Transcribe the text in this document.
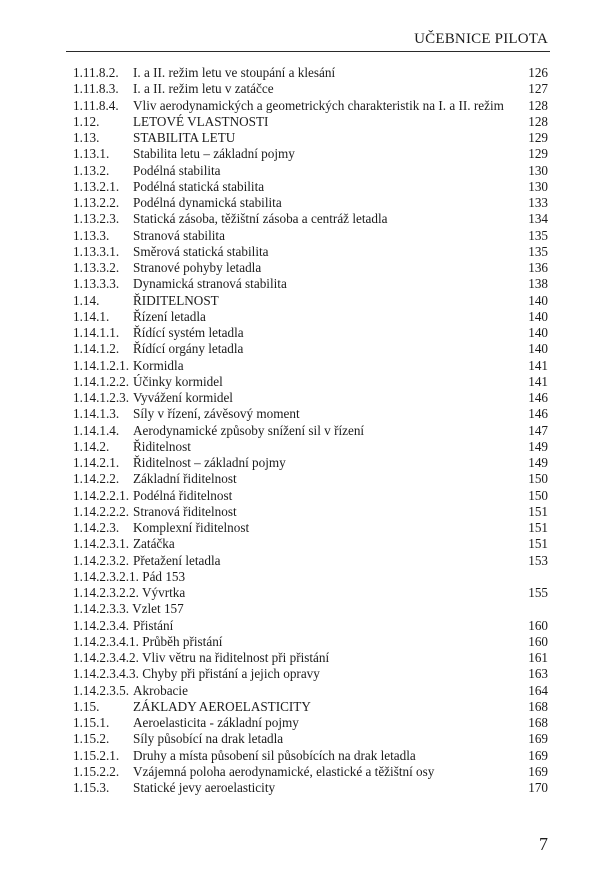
UČEBNICE PILOTA
1.11.8.2. I. a II. režim letu ve stoupání a klesání	126
1.11.8.3. I. a II. režim letu v zatáčce	127
1.11.8.4. Vliv aerodynamických a geometrických charakteristik na I. a II. režim 128
1.12.	LETOVÉ VLASTNOSTI	128
1.13.	STABILITA LETU	129
1.13.1. Stabilita letu – základní pojmy	129
1.13.2. Podélná stabilita	130
1.13.2.1. Podélná statická stabilita	130
1.13.2.2. Podélná dynamická stabilita	133
1.13.2.3. Statická zásoba, těžištní zásoba a centráž letadla	134
1.13.3. Stranová stabilita	135
1.13.3.1. Směrová statická stabilita	135
1.13.3.2. Stranové pohyby letadla	136
1.13.3.3. Dynamická stranová stabilita	138
1.14.	ŘIDITELNOST	140
1.14.1. Řízení letadla	140
1.14.1.1. Řídící systém letadla	140
1.14.1.2. Řídící orgány letadla	140
1.14.1.2.1. Kormidla	141
1.14.1.2.2. Účinky kormidel	141
1.14.1.2.3. Vyvážení kormidel	146
1.14.1.3. Síly v řízení, závěsový moment	146
1.14.1.4. Aerodynamické způsoby snížení sil v řízení	147
1.14.2. Řiditelnost	149
1.14.2.1. Řiditelnost – základní pojmy	149
1.14.2.2. Základní řiditelnost	150
1.14.2.2.1. Podélná řiditelnost	150
1.14.2.2.2. Stranová řiditelnost	151
1.14.2.3. Komplexní řiditelnost	151
1.14.2.3.1. Zatáčka	151
1.14.2.3.2. Přetažení letadla	153
1.14.2.3.2.1. Pád 153
1.14.2.3.2.2. Vývrtka	155
1.14.2.3.3. Vzlet 157
1.14.2.3.4. Přistání	160
1.14.2.3.4.1. Průběh přistání	160
1.14.2.3.4.2. Vliv větru na řiditelnost při přistání	161
1.14.2.3.4.3. Chyby při přistání a jejich opravy	163
1.14.2.3.5. Akrobacie	164
1.15.	ZÁKLADY AEROELASTICITY	168
1.15.1. Aeroelasticita - základní pojmy	168
1.15.2. Síly působící na drak letadla	169
1.15.2.1. Druhy a místa působení sil působících na drak letadla	169
1.15.2.2. Vzájemná poloha aerodynamické, elastické a těžištní osy	169
1.15.3. Statické jevy aeroelasticity	170
7
